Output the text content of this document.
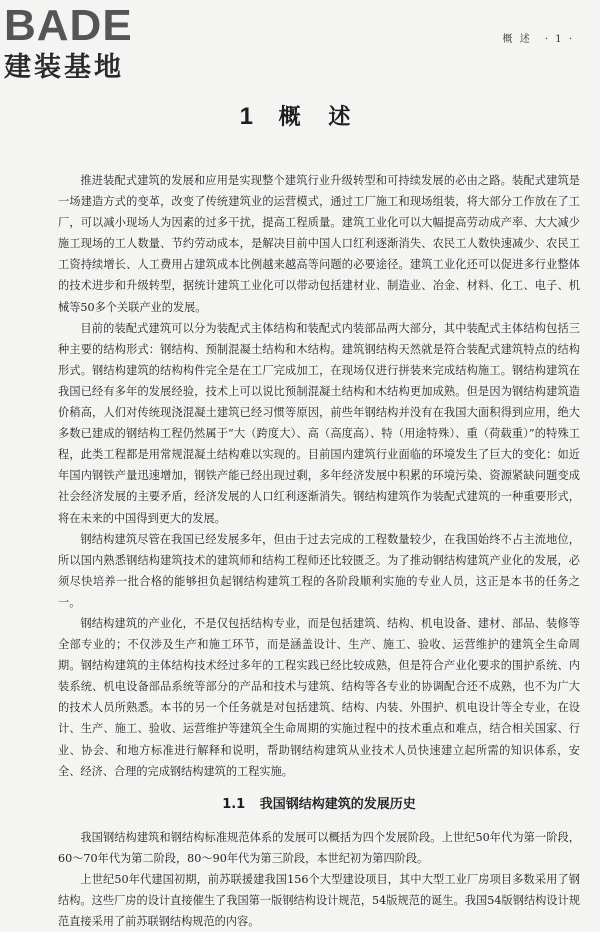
BADE
建装基地
概 述 · 1 ·
1 概 述

推进装配式建筑的发展和应用是实现整个建筑行业升级转型和可持续发展的必由之路。装配式建筑是一场建造方式的变革，改变了传统建筑业的运营模式，通过工厂施工和现场组装，将大部分工作放在了工厂，可以减小现场人为因素的过多干扰，提高工程质量。建筑工业化可以大幅提高劳动成产率、大大减少施工现场的工人数量、节约劳动成本，是解决目前中国人口红利逐渐消失、农民工人数快速减少、农民工工资持续增长、人工费用占建筑成本比例越来越高等问题的必要途径。建筑工业化还可以促进多行业整体的技术进步和升级转型，据统计建筑工业化可以带动包括建材业、制造业、冶金、材料、化工、电子、机械等50多个关联产业的发展。

目前的装配式建筑可以分为装配式主体结构和装配式内装部品两大部分，其中装配式主体结构包括三种主要的结构形式：钢结构、预制混凝土结构和木结构。建筑钢结构天然就是符合装配式建筑特点的结构形式。钢结构建筑的结构构件完全是在工厂完成加工，在现场仅进行拼装来完成结构施工。钢结构建筑在我国已经有多年的发展经验，技术上可以说比预制混凝土结构和木结构更加成熟。但是因为钢结构建筑造价稍高，人们对传统现浇混凝土建筑已经习惯等原因，前些年钢结构并没有在我国大面积得到应用，绝大多数已建成的钢结构工程仍然属于“大（跨度大）、高（高度高）、特（用途特殊）、重（荷载重）”的特殊工程，此类工程都是用常规混凝土结构难以实现的。目前国内建筑行业面临的环境发生了巨大的变化：如近年国内钢铁产量迅速增加，钢铁产能已经出现过剩，多年经济发展中积累的环境污染、资源紧缺问题变成社会经济发展的主要矛盾，经济发展的人口红利逐渐消失。钢结构建筑作为装配式建筑的一种重要形式，将在未来的中国得到更大的发展。

钢结构建筑尽管在我国已经发展多年，但由于过去完成的工程数量较少，在我国始终不占主流地位，所以国内熟悉钢结构建筑技术的建筑师和结构工程师还比较匮乏。为了推动钢结构建筑产业化的发展，必须尽快培养一批合格的能够担负起钢结构建筑工程的各阶段顺利实施的专业人员，这正是本书的任务之一。

钢结构建筑的产业化，不是仅包括结构专业，而是包括建筑、结构、机电设备、建材、部品、装修等全部专业的；不仅涉及生产和施工环节，而是涵盖设计、生产、施工、验收、运营维护的建筑全生命周期。钢结构建筑的主体结构技术经过多年的工程实践已经比较成熟，但是符合产业化要求的围护系统、内装系统、机电设备部品系统等部分的产品和技术与建筑、结构等各专业的协调配合还不成熟，也不为广大的技术人员所熟悉。本书的另一个任务就是对包括建筑、结构、内装、外围护、机电设计等全专业，在设计、生产、施工、验收、运营维护等建筑全生命周期的实施过程中的技术重点和难点，结合相关国家、行业、协会、和地方标准进行解释和说明，帮助钢结构建筑从业技术人员快速建立起所需的知识体系，安全、经济、合理的完成钢结构建筑的工程实施。

1.1 我国钢结构建筑的发展历史

我国钢结构建筑和钢结构标准规范体系的发展可以概括为四个发展阶段。上世纪50年代为第一阶段，60～70年代为第二阶段，80～90年代为第三阶段，本世纪初为第四阶段。

上世纪50年代建国初期，前苏联援建我国156个大型建设项目，其中大型工业厂房项目多数采用了钢结构。这些厂房的设计直接催生了我国第一版钢结构设计规范，54版规范的诞生。我国54版钢结构设计规范直接采用了前苏联钢结构规范的内容。
